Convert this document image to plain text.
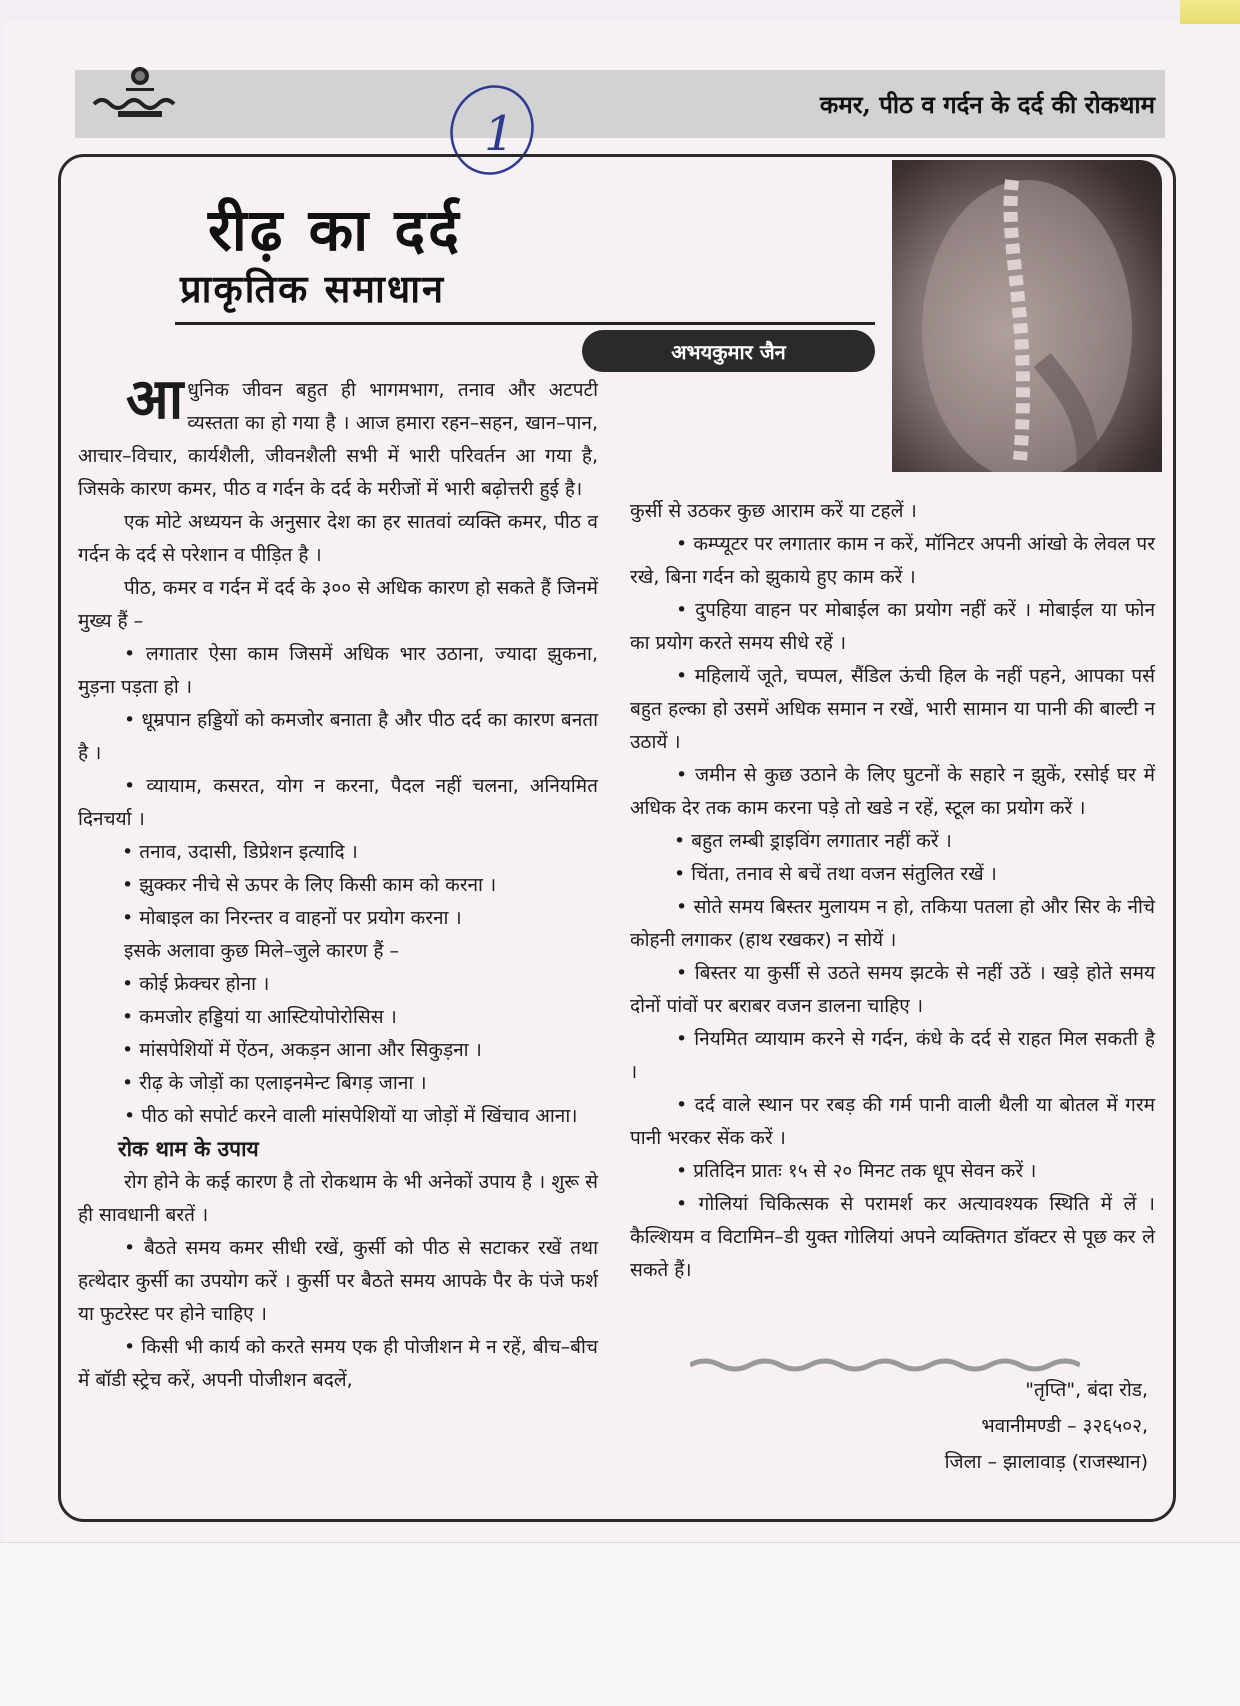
कमर, पीठ व गर्दन के दर्द की रोकथाम
1
रीढ़ का दर्द
प्राकृतिक समाधान
अभयकुमार जैन

आधुनिक जीवन बहुत ही भागमभाग, तनाव और अटपटी व्यस्तता का हो गया है । आज हमारा रहन–सहन, खान–पान, आचार–विचार, कार्यशैली, जीवनशैली सभी में भारी परिवर्तन आ गया है, जिसके कारण कमर, पीठ व गर्दन के दर्द के मरीजों में भारी बढ़ोत्तरी हुई है।

एक मोटे अध्ययन के अनुसार देश का हर सातवां व्यक्ति कमर, पीठ व गर्दन के दर्द से परेशान व पीड़ित है ।

पीठ, कमर व गर्दन में दर्द के ३०० से अधिक कारण हो सकते हैं जिनमें मुख्य हैं –

• लगातार ऐसा काम जिसमें अधिक भार उठाना, ज्यादा झुकना, मुड़ना पड़ता हो ।

• धूम्रपान हड्डियों को कमजोर बनाता है और पीठ दर्द का कारण बनता है ।

• व्यायाम, कसरत, योग न करना, पैदल नहीं चलना, अनियमित दिनचर्या ।

• तनाव, उदासी, डिप्रेशन इत्यादि ।

• झुक्कर नीचे से ऊपर के लिए किसी काम को करना ।

• मोबाइल का निरन्तर व वाहनों पर प्रयोग करना ।

इसके अलावा कुछ मिले–जुले कारण हैं –

• कोई फ्रेक्चर होना ।

• कमजोर हड्डियां या आस्टियोपोरोसिस ।

• मांसपेशियों में ऐंठन, अकड़न आना और सिकुड़ना ।

• रीढ़ के जोड़ों का एलाइनमेन्ट बिगड़ जाना ।

• पीठ को सपोर्ट करने वाली मांसपेशियों या जोड़ों में खिंचाव आना।

रोक थाम के उपाय

रोग होने के कई कारण है तो रोकथाम के भी अनेकों उपाय है । शुरू से ही सावधानी बरतें ।

• बैठते समय कमर सीधी रखें, कुर्सी को पीठ से सटाकर रखें तथा हत्थेदार कुर्सी का उपयोग करें । कुर्सी पर बैठते समय आपके पैर के पंजे फर्श या फुटरेस्ट पर होने चाहिए ।

• किसी भी कार्य को करते समय एक ही पोजीशन मे न रहें, बीच–बीच में बॉडी स्ट्रेच करें, अपनी पोजीशन बदलें,

कुर्सी से उठकर कुछ आराम करें या टहलें ।

• कम्प्यूटर पर लगातार काम न करें, मॉनिटर अपनी आंखो के लेवल पर रखे, बिना गर्दन को झुकाये हुए काम करें ।

• दुपहिया वाहन पर मोबाईल का प्रयोग नहीं करें । मोबाईल या फोन का प्रयोग करते समय सीधे रहें ।

• महिलायें जूते, चप्पल, सैंडिल ऊंची हिल के नहीं पहने, आपका पर्स बहुत हल्का हो उसमें अधिक समान न रखें, भारी सामान या पानी की बाल्टी न उठायें ।

• जमीन से कुछ उठाने के लिए घुटनों के सहारे न झुकें, रसोई घर में अधिक देर तक काम करना पड़े तो खडे न रहें, स्टूल का प्रयोग करें ।

• बहुत लम्बी ड्राइविंग लगातार नहीं करें ।

• चिंता, तनाव से बचें तथा वजन संतुलित रखें ।

• सोते समय बिस्तर मुलायम न हो, तकिया पतला हो और सिर के नीचे कोहनी लगाकर (हाथ रखकर) न सोयें ।

• बिस्तर या कुर्सी से उठते समय झटके से नहीं उठें । खड़े होते समय दोनों पांवों पर बराबर वजन डालना चाहिए ।

• नियमित व्यायाम करने से गर्दन, कंधे के दर्द से राहत मिल सकती है ।

• दर्द वाले स्थान पर रबड़ की गर्म पानी वाली थैली या बोतल में गरम पानी भरकर सेंक करें ।

• प्रतिदिन प्रातः १५ से २० मिनट तक धूप सेवन करें ।

• गोलियां चिकित्सक से परामर्श कर अत्यावश्यक स्थिति में लें । कैल्शियम व विटामिन–डी युक्त गोलियां अपने व्यक्तिगत डॉक्टर से पूछ कर ले सकते हैं।

"तृप्ति", बंदा रोड,
भवानीमण्डी – ३२६५०२,
जिला – झालावाड़ (राजस्थान)
